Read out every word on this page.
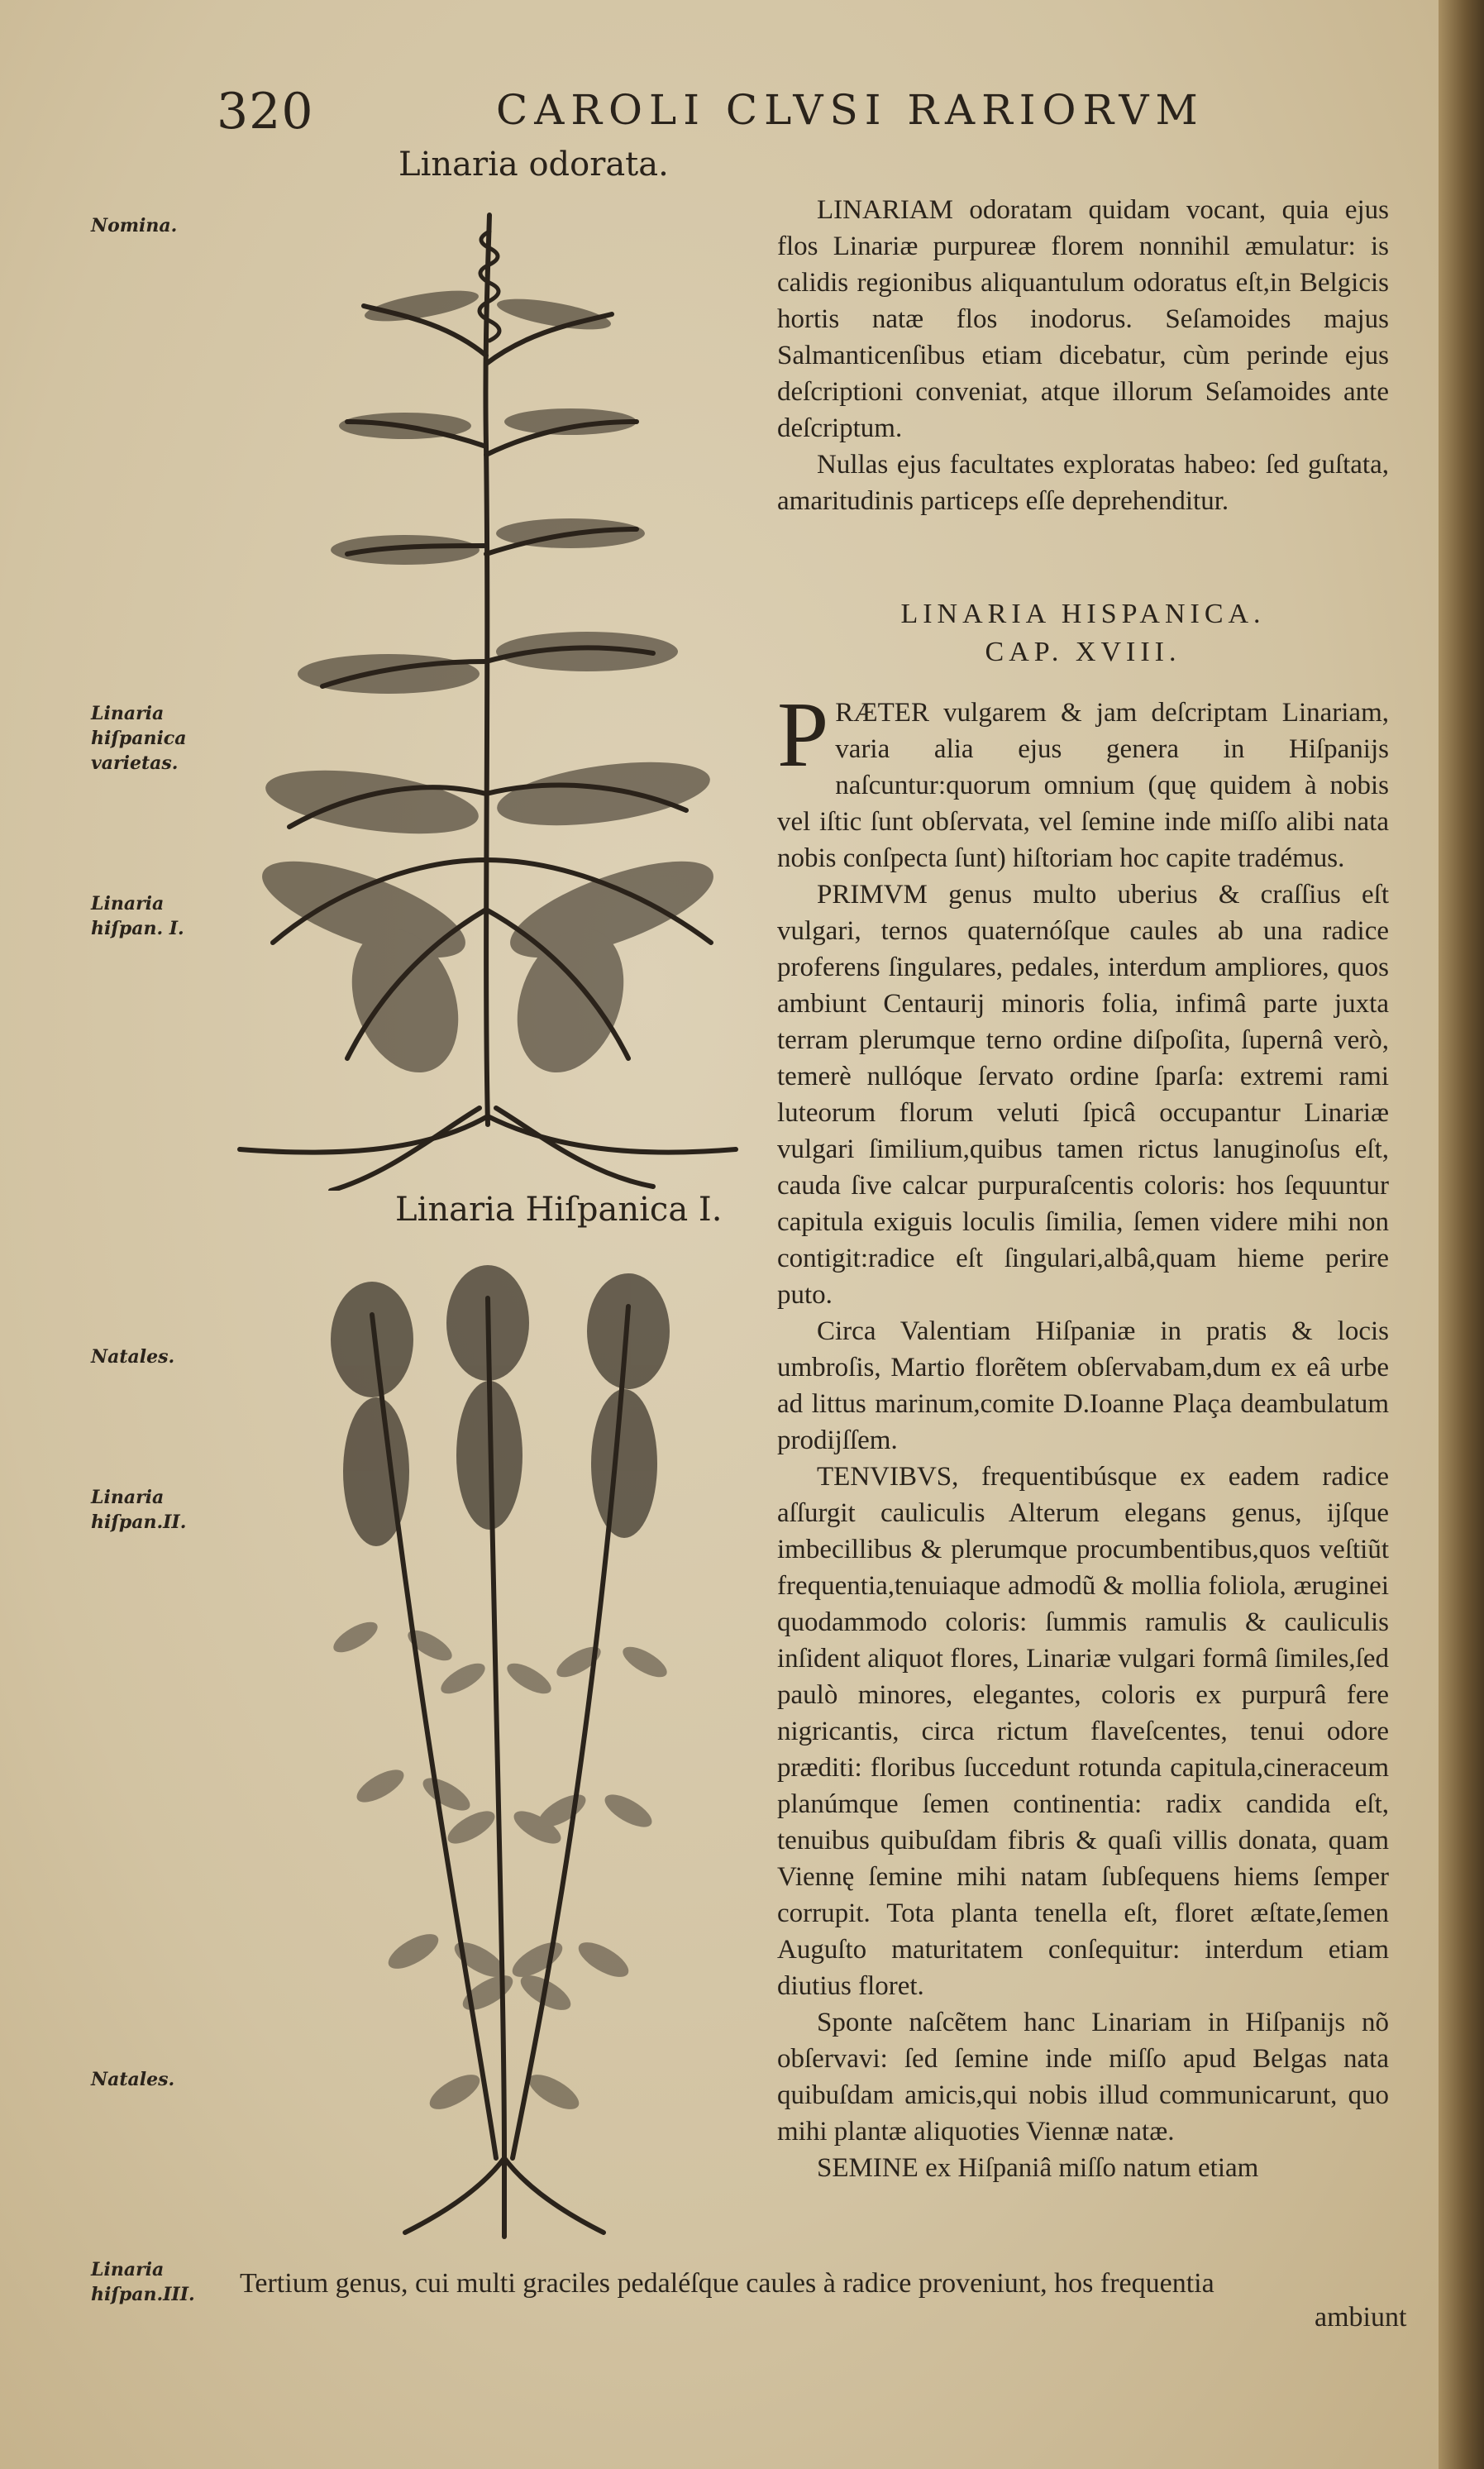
320	CAROLI CLVSI RARIORVM
Linaria odorata.
Linaria Hiſpanica I.
Nomina.
Linaria hiſpanica varietas.
Linaria hiſpan. I.
Natales.
Linaria hiſpan.II.
Natales.
Linaria hiſpan.III.

LINARIAM odoratam quidam vocant, quia ejus flos Linariæ purpureæ florem nonnihil æmulatur: is calidis regionibus aliquantulum odoratus eſt,in Belgicis hortis natæ flos inodorus. Seſamoides majus Salmanticenſibus etiam dicebatur, cùm perinde ejus deſcriptioni conveniat, atque illorum Seſamoides ante deſcriptum.

Nullas ejus facultates exploratas habeo: ſed guſtata, amaritudinis particeps eſſe deprehenditur.

LINARIA HISPANICA.
CAP. XVIII.

PRÆTER vulgarem & jam deſcriptam Linariam, varia alia ejus genera in Hiſpanijs naſcuntur:quorum omnium (quę quidem à nobis vel iſtic ſunt obſervata, vel ſemine inde miſſo alibi nata nobis conſpecta ſunt) hiſtoriam hoc capite tradémus.

PRIMVM genus multo uberius & craſſius eſt vulgari, ternos quaternóſque caules ab una radice proferens ſingulares, pedales, interdum ampliores, quos ambiunt Centaurij minoris folia, infimâ parte juxta terram plerumque terno ordine diſpoſita, ſupernâ verò, temerè nullóque ſervato ordine ſparſa: extremi rami luteorum florum veluti ſpicâ occupantur Linariæ vulgari ſimilium,quibus tamen rictus lanuginoſus eſt, cauda ſive calcar purpuraſcentis coloris: hos ſequuntur capitula exiguis loculis ſimilia, ſemen videre mihi non contigit:radice eſt ſingulari,albâ,quam hieme perire puto.

Circa Valentiam Hiſpaniæ in pratis & locis umbroſis, Martio florẽtem obſervabam,dum ex eâ urbe ad littus marinum,comite D.Ioanne Plaça deambulatum prodijſſem.

TENVIBVS, frequentibúsque ex eadem radice aſſurgit cauliculis Alterum elegans genus, ijſque imbecillibus & plerumque procumbentibus,quos veſtiũt frequentia,tenuiaque admodũ & mollia foliola, æruginei quodammodo coloris: ſummis ramulis & cauliculis inſident aliquot flores, Linariæ vulgari formâ ſimiles,ſed paulò minores, elegantes, coloris ex purpurâ fere nigricantis, circa rictum flaveſcentes, tenui odore præditi: floribus ſuccedunt rotunda capitula,cineraceum planúmque ſemen continentia: radix candida eſt, tenuibus quibuſdam fibris & quaſi villis donata, quam Viennę ſemine mihi natam ſubſequens hiems ſemper corrupit. Tota planta tenella eſt, floret æſtate,ſemen Auguſto maturitatem conſequitur: interdum etiam diutius floret.

Sponte naſcẽtem hanc Linariam in Hiſpanijs nõ obſervavi: ſed ſemine inde miſſo apud Belgas nata quibuſdam amicis,qui nobis illud communicarunt, quo mihi plantæ aliquoties Viennæ natæ.

SEMINE ex Hiſpaniâ miſſo natum etiam

Tertium genus, cui multi graciles pedaléſque caules à radice proveniunt, hos frequentia
ambiunt
